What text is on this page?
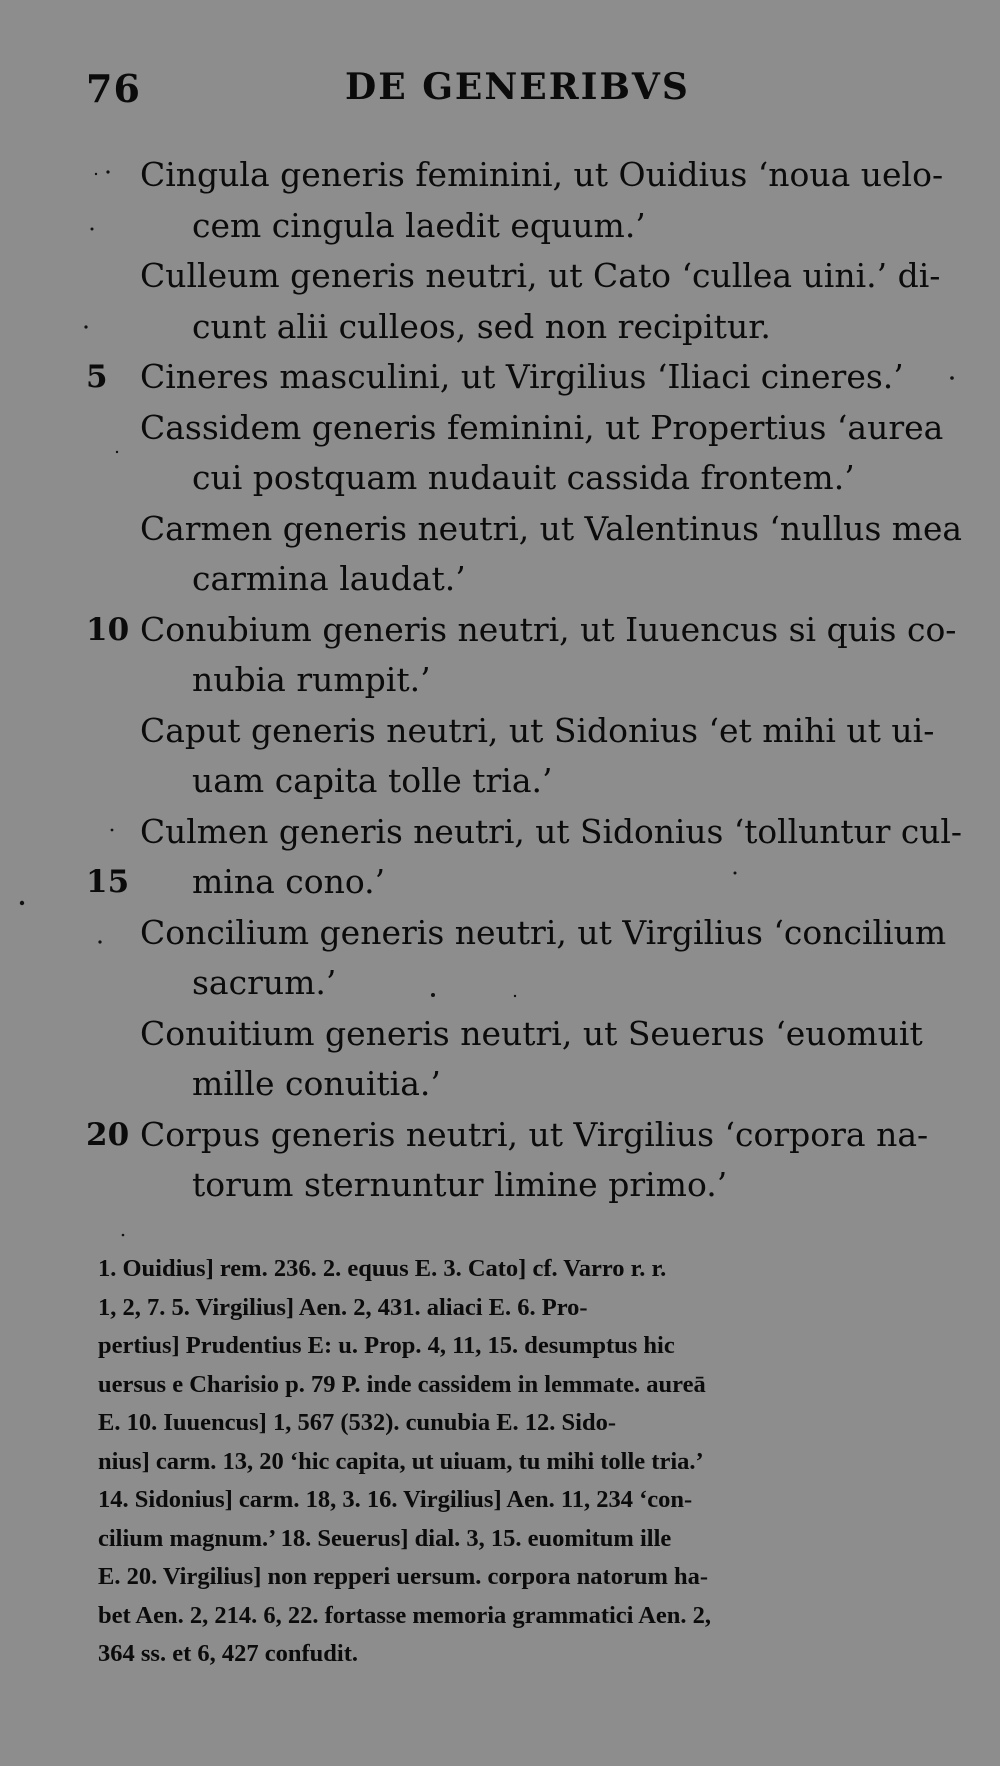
76	DE GENERIBVS
Cingula generis feminini, ut Ouidius ‘noua uelo-
cem cingula laedit equum.’
Culleum generis neutri, ut Cato ‘cullea uini.’ di-
cunt alii culleos, sed non recipitur.
5 Cineres masculini, ut Virgilius ‘Iliaci cineres.’
Cassidem generis feminini, ut Propertius ‘aurea
cui postquam nudauit cassida frontem.’
Carmen generis neutri, ut Valentinus ‘nullus mea
carmina laudat.’
10 Conubium generis neutri, ut Iuuencus si quis co-
nubia rumpit.’
Caput generis neutri, ut Sidonius ‘et mihi ut ui-
uam capita tolle tria.’
Culmen generis neutri, ut Sidonius ‘tolluntur cul-
15 mina cono.’
Concilium generis neutri, ut Virgilius ‘concilium
sacrum.’
Conuitium generis neutri, ut Seuerus ‘euomuit
mille conuitia.’
20 Corpus generis neutri, ut Virgilius ‘corpora na-
torum sternuntur limine primo.’
1. Ouidius] rem. 236. 2. equus E. 3. Cato] cf. Varro r. r.
1, 2, 7. 5. Virgilius] Aen. 2, 431. aliaci E. 6. Pro-
pertius] Prudentius E: u. Prop. 4, 11, 15. desumptus hic
uersus e Charisio p. 79 P. inde cassidem in lemmate. aureā
E. 10. Iuuencus] 1, 567 (532). cunubia E. 12. Sido-
nius] carm. 13, 20 ‘hic capita, ut uiuam, tu mihi tolle tria.’
14. Sidonius] carm. 18, 3. 16. Virgilius] Aen. 11, 234 ‘con-
cilium magnum.’ 18. Seuerus] dial. 3, 15. euomitum ille
E. 20. Virgilius] non repperi uersum. corpora natorum ha-
bet Aen. 2, 214. 6, 22. fortasse memoria grammatici Aen. 2,
364 ss. et 6, 427 confudit.
